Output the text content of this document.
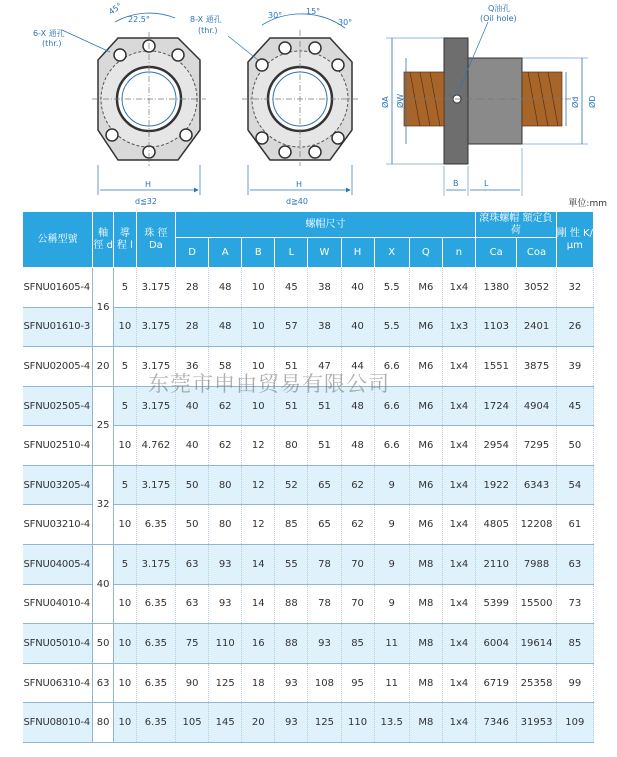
6-X 通孔
(thr.)
45°
22.5°
H
d≦32
8-X 通孔
(thr.)
30°	15°
30°
H
d≧40
Q油孔
(Oil hole)
ØA ØW	Ød ØD
B	L
單位:mm
公稱型號	軸 徑 d	導 程 l	珠 徑 Da	螺帽尺寸									滾珠螺帽 額定負荷		剛 性 K/µm
				D	A	B	L	W	H	X	Q	n	Ca	Coa	
SFNU01605-4	16	5	3.175	28	48	10	45	38	40	5.5	M6	1x4	1380	3052	32
SFNU01610-3		10	3.175	28	48	10	57	38	40	5.5	M6	1x3	1103	2401	26
SFNU02005-4	20	5	3.175	36	58	10	51	47	44	6.6	M6	1x4	1551	3875	39
SFNU02505-4	25	5	3.175	40	62	10	51	51	48	6.6	M6	1x4	1724	4904	45
SFNU02510-4		10	4.762	40	62	12	80	51	48	6.6	M6	1x4	2954	7295	50
SFNU03205-4	32	5	3.175	50	80	12	52	65	62	9	M6	1x4	1922	6343	54
SFNU03210-4		10	6.35	50	80	12	85	65	62	9	M6	1x4	4805	12208	61
SFNU04005-4	40	5	3.175	63	93	14	55	78	70	9	M8	1x4	2110	7988	63
SFNU04010-4		10	6.35	63	93	14	88	78	70	9	M8	1x4	5399	15500	73
SFNU05010-4	50	10	6.35	75	110	16	88	93	85	11	M8	1x4	6004	19614	85
SFNU06310-4	63	10	6.35	90	125	18	93	108	95	11	M8	1x4	6719	25358	99
SFNU08010-4	80	10	6.35	105	145	20	93	125	110	13.5	M8	1x4	7346	31953	109
东莞市申由贸易有限公司
